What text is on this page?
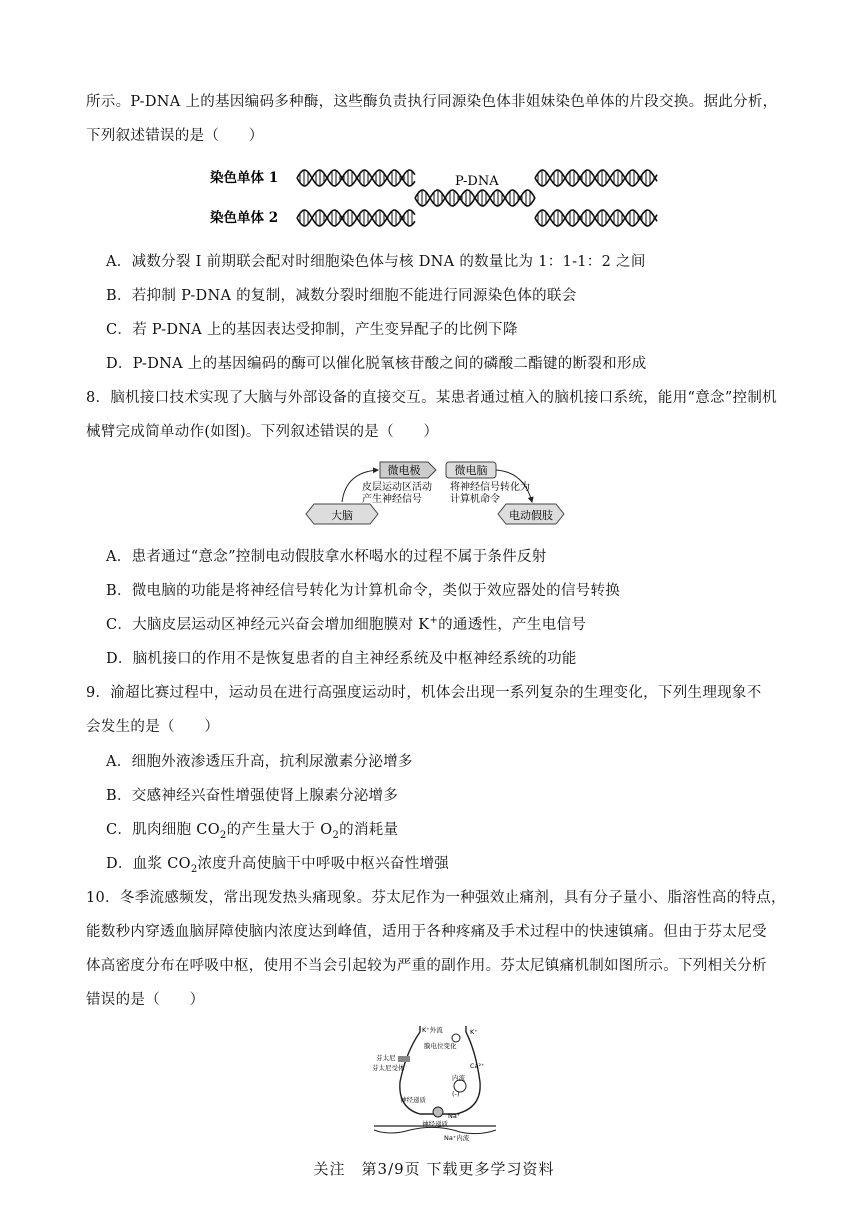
所示。P-DNA 上的基因编码多种酶，这些酶负责执行同源染色体非姐妹染色单体的片段交换。据此分析，
下列叙述错误的是（　　）
染色单体 1
染色单体 2
P-DNA
A．减数分裂 I 前期联会配对时细胞染色体与核 DNA 的数量比为 1：1-1：2 之间
B．若抑制 P-DNA 的复制，减数分裂时细胞不能进行同源染色体的联会
C．若 P-DNA 上的基因表达受抑制，产生变异配子的比例下降
D．P-DNA 上的基因编码的酶可以催化脱氧核苷酸之间的磷酸二酯键的断裂和形成
8．脑机接口技术实现了大脑与外部设备的直接交互。某患者通过植入的脑机接口系统，能用“意念”控制机
械臂完成简单动作(如图)。下列叙述错误的是（　　）
大脑
微电极	微电脑
电动假肢
皮层运动区活动
产生神经信号
将神经信号转化为
计算机命令
A．患者通过“意念”控制电动假肢拿水杯喝水的过程不属于条件反射
B．微电脑的功能是将神经信号转化为计算机命令，类似于效应器处的信号转换
C．大脑皮层运动区神经元兴奋会增加细胞膜对 K+的通透性，产生电信号
D．脑机接口的作用不是恢复患者的自主神经系统及中枢神经系统的功能
9．渝超比赛过程中，运动员在进行高强度运动时，机体会出现一系列复杂的生理变化，下列生理现象不
会发生的是（　　）
A．细胞外液渗透压升高，抗利尿激素分泌增多
B．交感神经兴奋性增强使肾上腺素分泌增多
C．肌肉细胞 $CO_2$的产生量大于 $O_2$的消耗量
D．血浆 $CO_2$浓度升高使脑干中呼吸中枢兴奋性增强
10．冬季流感频发，常出现发热头痛现象。芬太尼作为一种强效止痛剂，具有分子量小、脂溶性高的特点，
能数秒内穿透血脑屏障使脑内浓度达到峰值，适用于各种疼痛及手术过程中的快速镇痛。但由于芬太尼受
体高密度分布在呼吸中枢，使用不当会引起较为严重的副作用。芬太尼镇痛机制如图所示。下列相关分析
错误的是（　　）
K⁺外流	K⁺
芬太尼
芬太尼受体
膜电位变化
Ca²⁺
内流
(-)
神经递质
Na⁺
神经递质
Na⁺内流
关注　第3/9页 下载更多学习资料
